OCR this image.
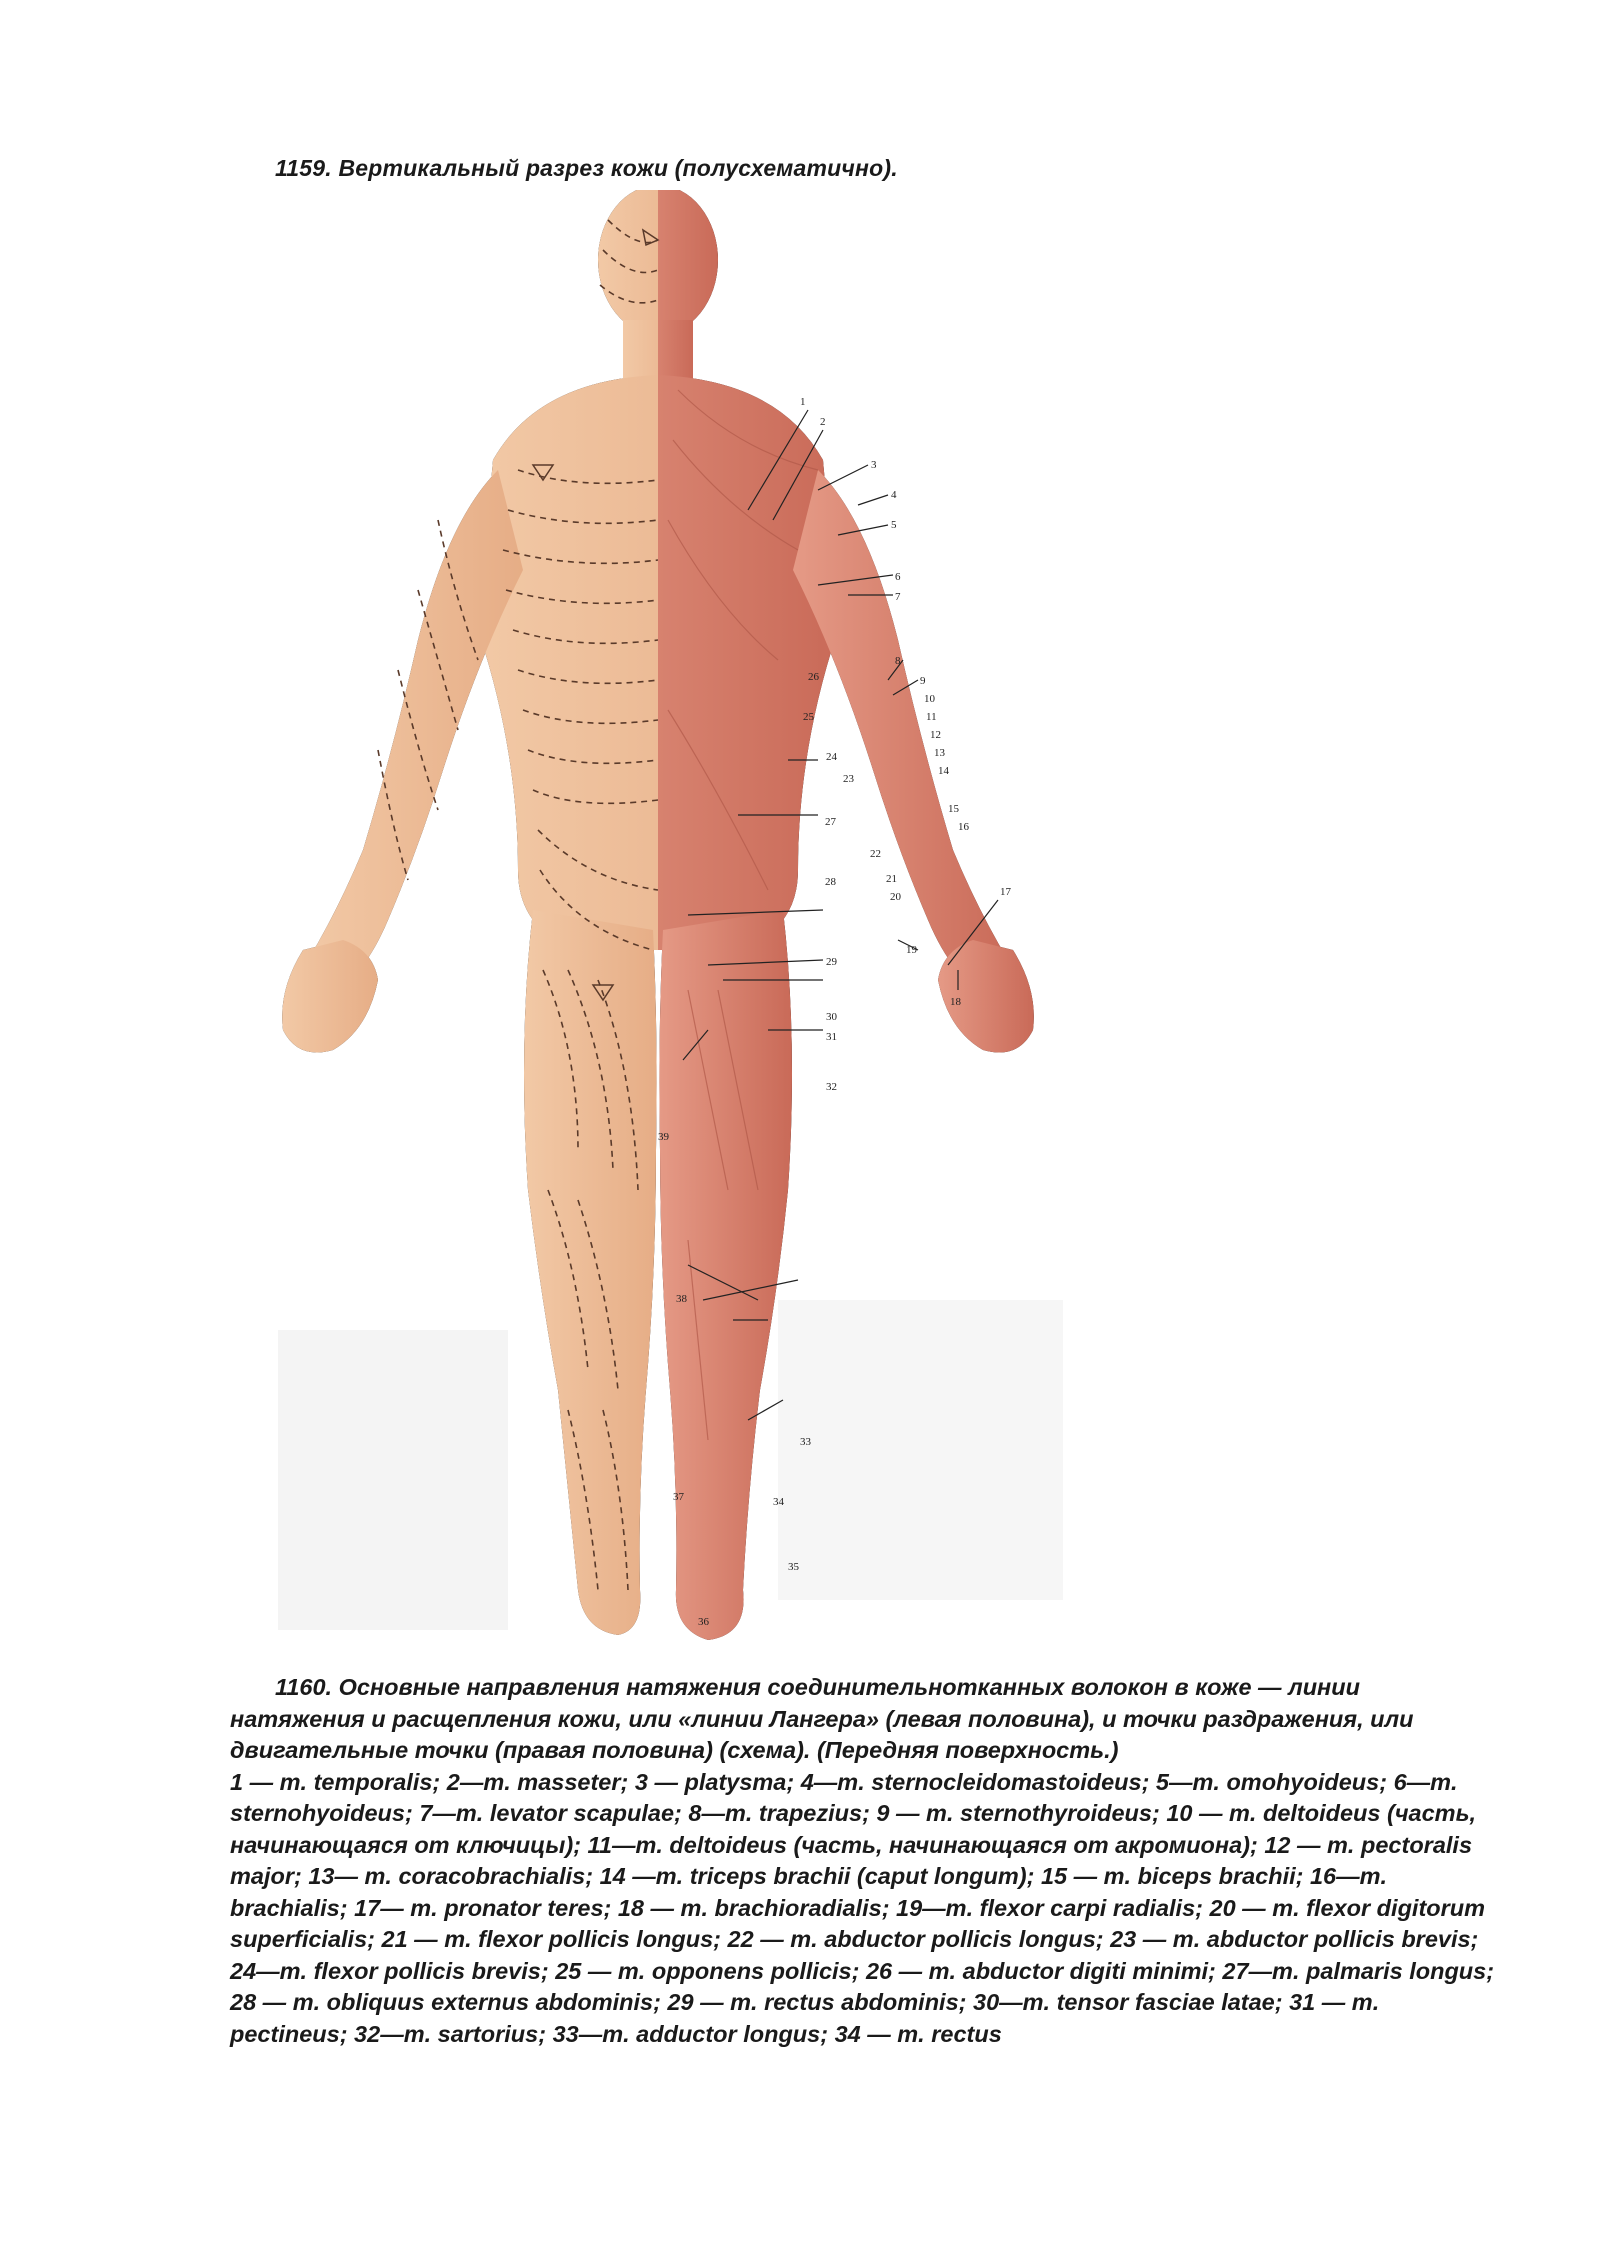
1159. Вертикальный разрез кожи (полусхематично).
1
2
3
4
5
6
7
8
9
10
11
12
13
14
15
16
17
18
19
20
21
22
23
24
25
26
27
28
29
30
31
32
33
34
35
36
37
38
39
1160. Основные направления натяжения соединительнотканных волокон в коже — линии натяжения и расщепления кожи, или «линии Лангера» (левая половина), и точки раздражения, или двигательные точки (правая половина) (схема). (Передняя поверхность.)
1 — m. temporalis; 2—m. masseter; 3 — platysma; 4—m. sternocleidomastoideus; 5—m. omohyoideus; 6—m. sternohyoideus; 7—m. levator scapulae; 8—m. trapezius; 9 — m. sternothyroideus; 10 — m. deltoideus (часть, начинающаяся от ключицы); 11—m. deltoideus (часть, начинающаяся от акромиона); 12 — m. pectoralis major; 13— m. coracobrachialis; 14 —m. triceps brachii (caput longum); 15 — m. biceps brachii; 16—m. brachialis; 17— m. pronator teres; 18 — m. brachioradialis; 19—m. flexor carpi radialis; 20 — m. flexor digitorum superficialis; 21 — m. flexor pollicis longus; 22 — m. abductor pollicis longus; 23 — m. abductor pollicis brevis; 24—m. flexor pollicis brevis; 25 — m. opponens pollicis; 26 — m. abductor digiti minimi; 27—m. palmaris longus; 28 — m. obliquus externus abdominis; 29 — m. rectus abdominis; 30—m. tensor fasciae latae; 31 — m. pectineus; 32—m. sartorius; 33—m. adductor longus; 34 — m. rectus
